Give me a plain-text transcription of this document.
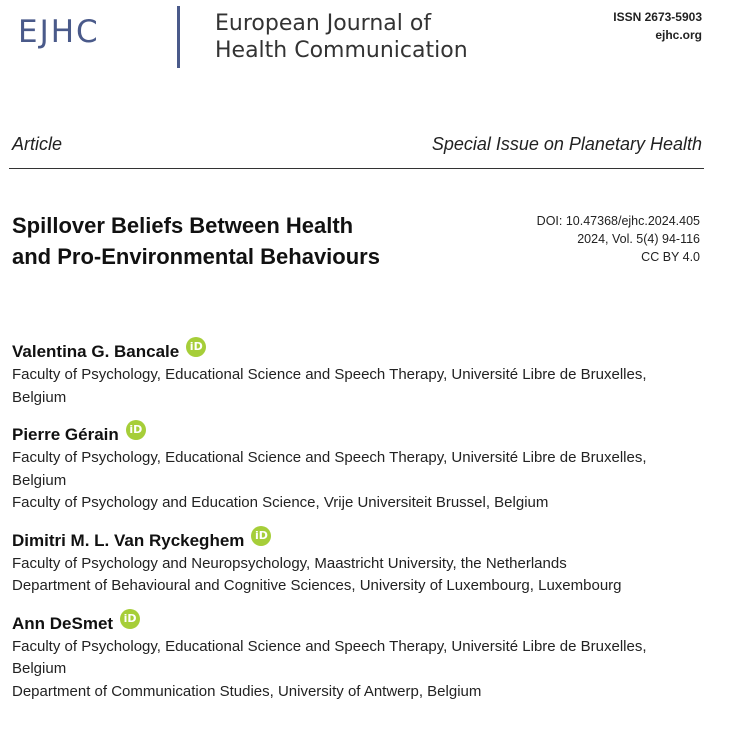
EJHC	European Journal of
Health Communication
ISSN 2673-5903
ejhc.org
Article	Special Issue on Planetary Health
Spillover Beliefs Between Health
and Pro-Environmental Behaviours
DOI: 10.47368/ejhc.2024.405
2024, Vol. 5(4) 94-116
CC BY 4.0
Valentina G. Bancale iD
Faculty of Psychology, Educational Science and Speech Therapy, Université Libre de Bruxelles, Belgium
Pierre Gérain iD
Faculty of Psychology, Educational Science and Speech Therapy, Université Libre de Bruxelles, Belgium
Faculty of Psychology and Education Science, Vrije Universiteit Brussel, Belgium
Dimitri M. L. Van Ryckeghem iD
Faculty of Psychology and Neuropsychology, Maastricht University, the Netherlands
Department of Behavioural and Cognitive Sciences, University of Luxembourg, Luxembourg
Ann DeSmet iD
Faculty of Psychology, Educational Science and Speech Therapy, Université Libre de Bruxelles, Belgium
Department of Communication Studies, University of Antwerp, Belgium
